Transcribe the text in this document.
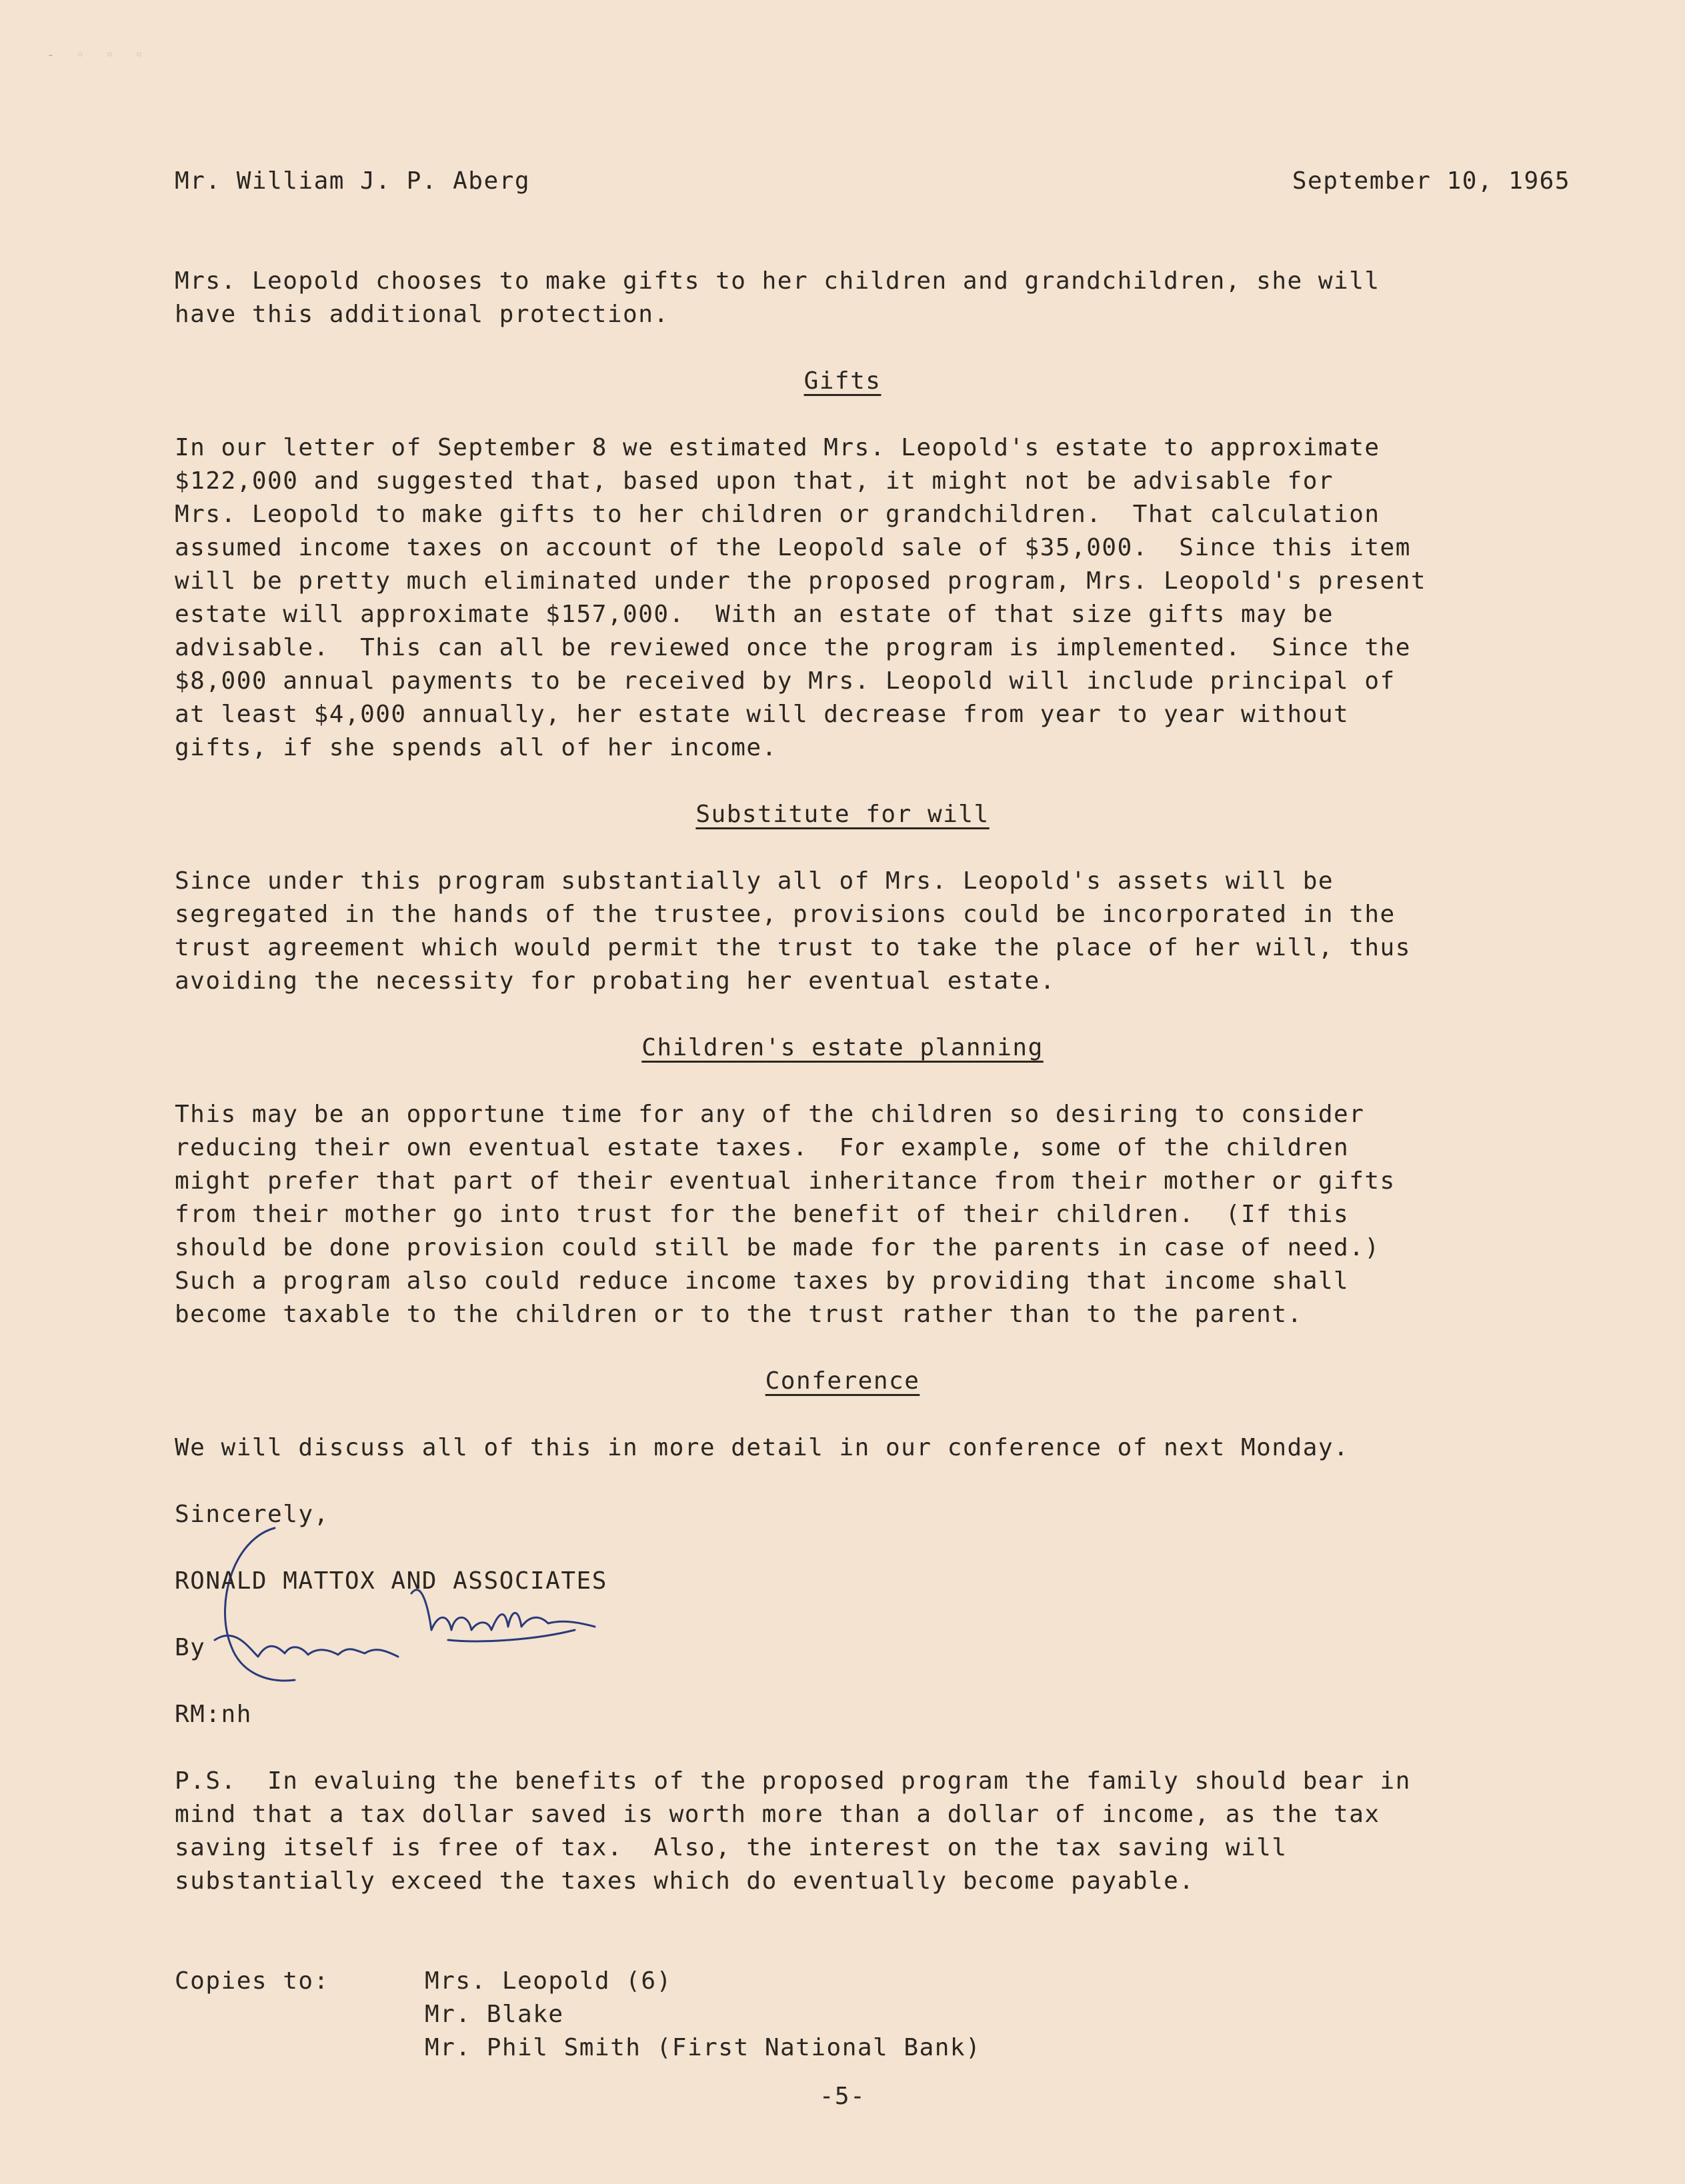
- ◦ ◦ ◦
Mr. William J. P. Aberg	September 10, 1965
Mrs. Leopold chooses to make gifts to her children and grandchildren, she will
have this additional protection.
Gifts
In our letter of September 8 we estimated Mrs. Leopold's estate to approximate
$122,000 and suggested that, based upon that, it might not be advisable for
Mrs. Leopold to make gifts to her children or grandchildren.  That calculation
assumed income taxes on account of the Leopold sale of $35,000.  Since this item
will be pretty much eliminated under the proposed program, Mrs. Leopold's present
estate will approximate $157,000.  With an estate of that size gifts may be
advisable.  This can all be reviewed once the program is implemented.  Since the
$8,000 annual payments to be received by Mrs. Leopold will include principal of
at least $4,000 annually, her estate will decrease from year to year without
gifts, if she spends all of her income.
Substitute for will
Since under this program substantially all of Mrs. Leopold's assets will be
segregated in the hands of the trustee, provisions could be incorporated in the
trust agreement which would permit the trust to take the place of her will, thus
avoiding the necessity for probating her eventual estate.
Children's estate planning
This may be an opportune time for any of the children so desiring to consider
reducing their own eventual estate taxes.  For example, some of the children
might prefer that part of their eventual inheritance from their mother or gifts
from their mother go into trust for the benefit of their children.  (If this
should be done provision could still be made for the parents in case of need.)
Such a program also could reduce income taxes by providing that income shall
become taxable to the children or to the trust rather than to the parent.
Conference
We will discuss all of this in more detail in our conference of next Monday.
Sincerely,
RONALD MATTOX AND ASSOCIATES
By
RM:nh
P.S.  In evaluing the benefits of the proposed program the family should bear in
mind that a tax dollar saved is worth more than a dollar of income, as the tax
saving itself is free of tax.  Also, the interest on the tax saving will
substantially exceed the taxes which do eventually become payable.
Copies to:	Mrs. Leopold (6)
Mr. Blake
Mr. Phil Smith (First National Bank)
-5-
